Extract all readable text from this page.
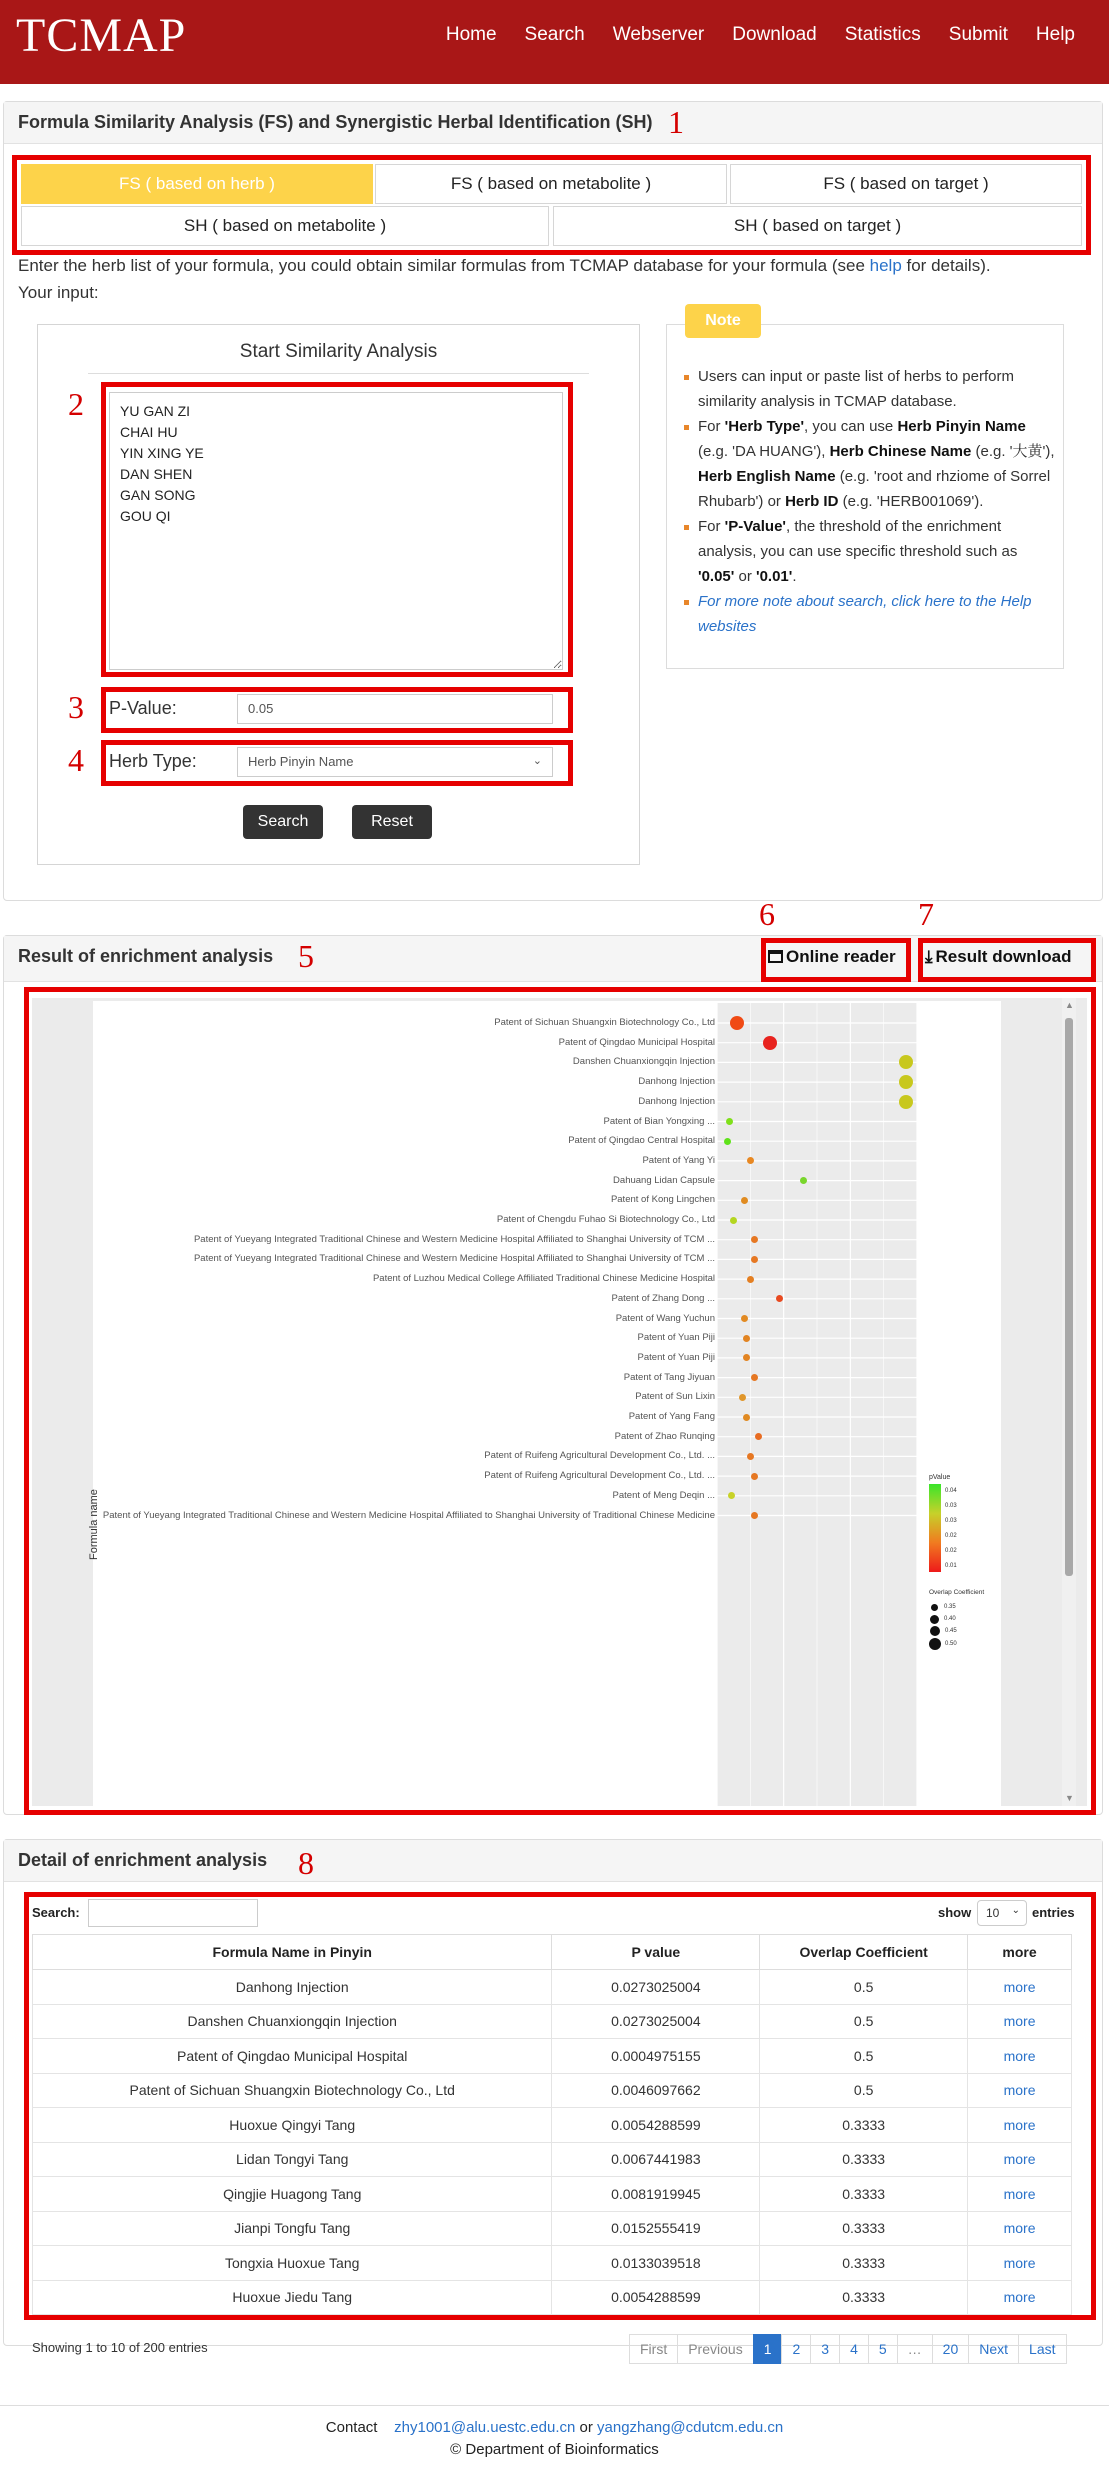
TCMAP	Home	Search	Webserver	Download	Statistics	Submit	Help
Formula Similarity Analysis (FS) and Synergistic Herbal Identification (SH) 1
FS ( based on herb )	FS ( based on metabolite )	FS ( based on target )
SH ( based on metabolite )	SH ( based on target )
Enter the herb list of your formula, you could obtain similar formulas from TCMAP database for your formula (see help for details).
Your input:
Start Similarity Analysis
2
YU GAN ZI CHAI HU YIN XING YE DAN SHEN GAN SONG GOU QI
3 P-Value:	0.05
4 Herb Type:	Herb Pinyin Name	⌄
Search	Reset
Note
Users can input or paste list of herbs to perform similarity analysis in TCMAP database.
For 'Herb Type', you can use Herb Pinyin Name (e.g. 'DA HUANG'), Herb Chinese Name (e.g. '大黄'), Herb English Name (e.g. 'root and rhziome of Sorrel Rhubarb') or Herb ID (e.g. 'HERB001069').
For 'P-Value', the threshold of the enrichment analysis, you can use specific threshold such as '0.05' or '0.01'.
For more note about search, click here to the Help websites
Result of enrichment analysis 5
6	7
Online reader ⤓ Result download
▲
▼
Patent of Sichuan Shuangxin Biotechnology Co., Ltd
Patent of Qingdao Municipal Hospital
Danshen Chuanxiongqin Injection
Danhong Injection
Danhong Injection
Patent of Bian Yongxing ...
Patent of Qingdao Central Hospital
Patent of Yang Yi
Dahuang Lidan Capsule
Patent of Kong Lingchen
Patent of Chengdu Fuhao Si Biotechnology Co., Ltd
Patent of Yueyang Integrated Traditional Chinese and Western Medicine Hospital Affiliated to Shanghai University of TCM ...
Patent of Yueyang Integrated Traditional Chinese and Western Medicine Hospital Affiliated to Shanghai University of TCM ...
Patent of Luzhou Medical College Affiliated Traditional Chinese Medicine Hospital
Patent of Zhang Dong ...
Patent of Wang Yuchun
Patent of Yuan Piji
Patent of Yuan Piji
Patent of Tang Jiyuan
Patent of Sun Lixin
Patent of Yang Fang
Patent of Zhao Runqing
Patent of Ruifeng Agricultural Development Co., Ltd. ...
Patent of Ruifeng Agricultural Development Co., Ltd. ...
Patent of Meng Deqin ...
Patent of Yueyang Integrated Traditional Chinese and Western Medicine Hospital Affiliated to Shanghai University of Traditional Chinese Medicine
Formula name
pValue
0.04
0.03
0.03
0.02
0.02
0.01
Overlap Coefficient
0.35
0.40
0.45
0.50
Detail of enrichment analysis 8
Search:	show	10 ⌄ entries
Formula Name in Pinyin	P value	Overlap Coefficient	more
Danhong Injection	0.0273025004	0.5	more
Danshen Chuanxiongqin Injection	0.0273025004	0.5	more
Patent of Qingdao Municipal Hospital	0.0004975155	0.5	more
Patent of Sichuan Shuangxin Biotechnology Co., Ltd	0.0046097662	0.5	more
Huoxue Qingyi Tang	0.0054288599	0.3333	more
Lidan Tongyi Tang	0.0067441983	0.3333	more
Qingjie Huagong Tang	0.0081919945	0.3333	more
Jianpi Tongfu Tang	0.0152555419	0.3333	more
Tongxia Huoxue Tang	0.0133039518	0.3333	more
Huoxue Jiedu Tang	0.0054288599	0.3333	more
Showing 1 to 10 of 200 entries	First	Previous	1	2	3	4	5	…	20	Next	Last
Contact zhy1001@alu.uestc.edu.cn or yangzhang@cdutcm.edu.cn
© Department of Bioinformatics
